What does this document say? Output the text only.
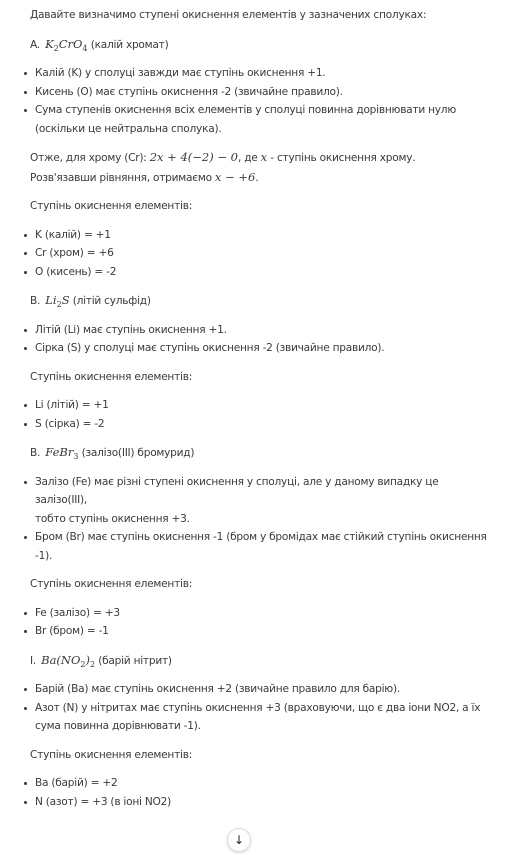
Давайте визначимо ступені окиснення елементів у зазначених сполуках:

A. $K_2CrO_4$ (калій хромат)

Калій (K) у сполуці завжди має ступінь окиснення +1.
Кисень (O) має ступінь окиснення -2 (звичайне правило).
Сума ступенів окиснення всіх елементів у сполуці повинна дорівнювати нулю
(оскільки це нейтральна сполука).

Отже, для хрому (Cr): 2x + 4(−2) − 0, де x - ступінь окиснення хрому.

Розв'язавши рівняння, отримаємо x − +6.

Ступінь окиснення елементів:

K (калій) = +1
Cr (хром) = +6
O (кисень) = -2

B. $Li_2S$ (літій сульфід)

Літій (Li) має ступінь окиснення +1.
Сірка (S) у сполуці має ступінь окиснення -2 (звичайне правило).

Ступінь окиснення елементів:

Li (літій) = +1
S (сірка) = -2

B. FeBr$_3$ (залізо(III) бромурид)

Залізо (Fe) має різні ступені окиснення у сполуці, але у даному випадку це залізо(III),
тобто ступінь окиснення +3.
Бром (Br) має ступінь окиснення -1 (бром у бромідах має стійкий ступінь окиснення
-1).

Ступінь окиснення елементів:

Fe (залізо) = +3
Br (бром) = -1

I. $Ba(NO_2)_2$ (барій нітрит)

Барій (Ba) має ступінь окиснення +2 (звичайне правило для барію).
Азот (N) у нітритах має ступінь окиснення +3 (враховуючи, що є два іони NO2, а їх
сума повинна дорівнювати -1).

Ступінь окиснення елементів:

Ba (барій) = +2
N (азот) = +3 (в іоні NO2)
↓
